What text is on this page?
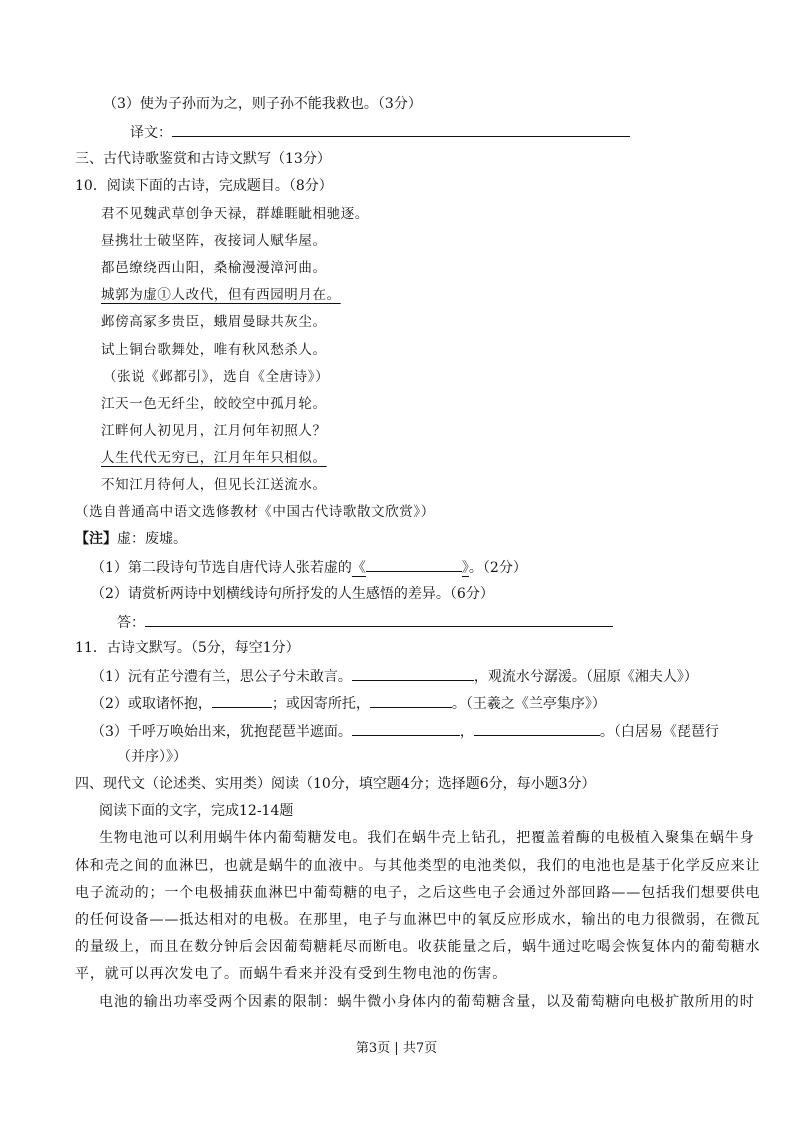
（3）使为子孙而为之，则子孙不能我救也。（3分）
译文：
三、古代诗歌鉴赏和古诗文默写（13分）
10．阅读下面的古诗，完成题目。（8分）
君不见魏武草创争天禄，群雄睚眦相驰逐。
昼携壮士破坚阵，夜接词人赋华屋。
都邑缭绕西山阳，桑榆漫漫漳河曲。
城郭为虚①人改代，但有西园明月在。
邺傍高冢多贵臣，蛾眉曼睩共灰尘。
试上铜台歌舞处，唯有秋风愁杀人。
（张说《邺都引》，选自《全唐诗》）
江天一色无纤尘，皎皎空中孤月轮。
江畔何人初见月，江月何年初照人？
人生代代无穷已，江月年年只相似。
不知江月待何人，但见长江送流水。
（选自普通高中语文选修教材《中国古代诗歌散文欣赏》）
【注】虚：废墟。
（1）第二段诗句节选自唐代诗人张若虚的《	》。（2分）
（2）请赏析两诗中划横线诗句所抒发的人生感悟的差异。（6分）
答：
11．古诗文默写。（5分，每空1分）
（1）沅有芷兮澧有兰，思公子兮未敢言。	，观流水兮潺湲。（屈原《湘夫人》）
（2）或取诸怀抱，	；或因寄所托，	。（王羲之《兰亭集序》）
（3）千呼万唤始出来，犹抱琵琶半遮面。	，	。（白居易《琵琶行
（并序）》）
四、现代文（论述类、实用类）阅读（10分，填空题4分；选择题6分，每小题3分）
阅读下面的文字，完成12-14题
生物电池可以利用蜗牛体内葡萄糖发电。我们在蜗牛壳上钻孔，把覆盖着酶的电极植入聚集在蜗牛身
体和壳之间的血淋巴，也就是蜗牛的血液中。与其他类型的电池类似，我们的电池也是基于化学反应来让
电子流动的；一个电极捕获血淋巴中葡萄糖的电子，之后这些电子会通过外部回路——包括我们想要供电
的任何设备——抵达相对的电极。在那里，电子与血淋巴中的氧反应形成水，输出的电力很微弱，在微瓦
的量级上，而且在数分钟后会因葡萄糖耗尽而断电。收获能量之后，蜗牛通过吃喝会恢复体内的葡萄糖水
平，就可以再次发电了。而蜗牛看来并没有受到生物电池的伤害。
电池的输出功率受两个因素的限制：蜗牛微小身体内的葡萄糖含量，以及葡萄糖向电极扩散所用的时
第3页 | 共7页
